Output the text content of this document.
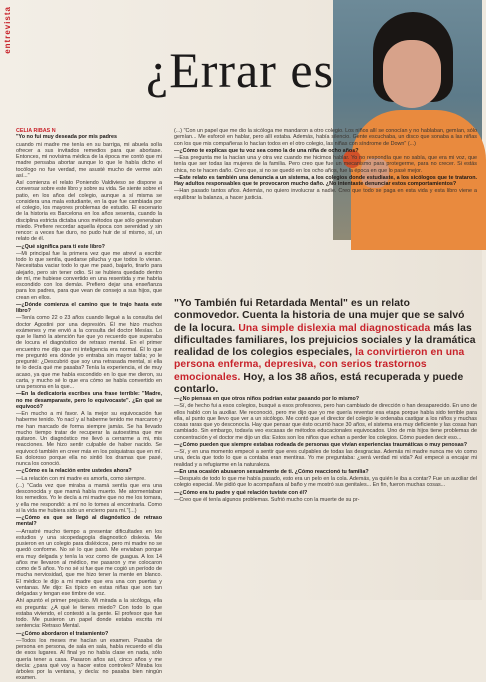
entrevista
¿Errar es
CELIA RIBAS N

"Yo no fui muy deseada por mis padres

cuando mi madre me tenía en su barriga, mi abuela solía ofrecer a sus invitados remedios para que abortase. Entonces, mi novísima médica de la época me contó que mi madre pensaba abortar aunque lo que le había dicho el tocólogo no fue verdad, me asusté mucho de verme aún así..."

Así comienza el relato Poniendo Valdivieso se dispone a conversar sobre este libro y sobre su vida. Se siente sobre el patio, en los años del colegio, aunque a sí misma se considera una mala estudiante, en la que fue cambiada por el colegio, los mayores problemas de estudio. El escenario de la historia es Barcelona en los años sesenta, cuando la disciplina estricta dictaba unos métodos que sólo generaban miedo. Prefiere recordar aquella época con serenidad y sin rencor: a veces fue duro, no pudo huir de sí mismo, sí, un relato de él.

—¿Qué significa para ti este libro?

—Mi principal fue la primera vez que me atreví a escribir todo lo que sentía, quedarse pilucha y que todos lo vieran. Necesitaba vaciar todo lo que me pasó, bajarlo, tirarlo para alejarlo, pero sin tener odio. Sí se hubiera quedado dentro de mí, me hubiese convertido en una resentida y me habría escondido con los demás. Prefiero dejar una enseñanza para los padres, para que vean de consejo a sus hijos, que crean en ellos.

—¿Dónde comienza el camino que te trajo hasta este libro?

—Tenía como 22 o 23 años cuando llegué a la consulta del doctor Agostini por una depresión. Él me hizo muchos exámenes y me envió a la consulta del doctor Mesías. Lo que le llamó la atención fue que yo recuerdo que superaba de locura el diagnóstico de retraso mental. En el primer encuentro me dijo que mi inteligencia era normal. Él lo que me preguntó era dónde yo entraba sin mayor tabla; yo le pregunté: ¿Descubrió que soy una retrasada mental, si ella te lo decía qué me pasaba? Tenía la experiencia, el de muy acaso, ya que me había escondido en lo que me dieron, su carta, y mucho sé lo que era cómo se había convertido en una persona en la que...

—En la dedicatoria escribes una frase terrible: "Madre, no me desamparaste, pero lo equivocaste". ¿En qué se equivocó?

—En mucho a mi favor. A la mejor su equivocación fue haberme tenido. Yo nací y al haberme tenido me marcaron y me han marcado de forma siempre jamás. Se ha llevado mucho tiempo tratar de recuperar la autoestima que me quitaron. Un diagnóstico me llevó a cerrarme a mi, mis reacciones. Me hizo sentir culpable de haber nacido. Se equivocó también en creer más en los psiquiatras que en mí. Es doloroso porque ella no sintió los dramas que pasé, nunca los conoció.

—¿Cómo es la relación entre ustedes ahora?

—La relación con mi madre es amorfa, como siempre.

(...) "Cada vez que miraba a mamá sentía que era una desconocida y que mamá había muerto. Me atormentaban los remedios. Yo le decía a mi madre que no me los tomara, y ella me respondió: a mí no lo tomes al encontrarla. Como si la vida me hubiera sido un encierro para mí."(...)

—¿Cómo es que se llegó al diagnóstico de retraso mental?

—Arrastré mucho tiempo a presentar dificultades en los estudios y una sicopedagogía diagnosticó dislexia. Me pusieron en un colegio para disléxicos, pero mi madre no se quedó conforme. No sé lo que pasó. Me enviaban porque era muy delgada y tenía la voz como de guagua. A los 14 años me llevaron al médico, me pasaron y me colocaron como de 5 años. Yo no sé si fue que me cogió un período de mucha nerviosidad, que me hizo tener la mente en blanco. El médico le dijo a mi madre que era una con puertas y ventanas. Me dijo: Es típico en estas niñas que son tan delgadas y tengan ese timbre de voz.

Ahí apuntó el primer prejuicio. Mi mirada a la sicóloga, ella es pregunta: ¿A qué le tienes miedo? Con todo lo que estaba viviendo, el contestó a la gente. El profesor que fue todo. Me pusieron un papel donde estaba escrita mi sentencia: Retraso Mental.

—¿Cómo abordaron el tratamiento?

—Todos los meses me hacían un examen. Pasaba de persona en persona, de sala en sala, había recuerdo el día de esos lugares. Al final yo no había clase en nada, sólo quería tener a casa. Pasaron años así, cinco años y me decía: ¿para qué voy a hacer estos controles? Miraba los árboles por la ventana, y decía: no pasaba bien ningún examen.

(...) "Con un papel que me dio la sicóloga me mandaron a otro colegio. Los niños allí se conocían y no hablaban, gemían, sólo gemían... Me esforcé en hablar, pero allí estaba. Además, había silencio. Gente escuchaba, un disco que sonaba a las niñas con los que mis compañeras lo hacían todos en el otro colegio, las niñas con síndrome de Down" (...)

—¿Cómo te explicas que tu voz sea como la de una niña de ocho años?

—Esa pregunta me la hacían una y otra vez cuando me hicimos hablar. Yo no respondía que no sabía, que era mi voz, que tenía que ser todas las mujeres de la familia. Pero creo que fue un mecanismo para protegerme, para no crecer. Si estás chica, no te hacen daño. Creo que, si no se quedó en los ocho años, fue la época en que lo pasé mejor.

—Este relato es también una denuncia a un sistema, a los colegios donde estudiaste, a los sicólogos que te trataron. Hay adultos responsables que te provocaron mucho daño. ¿No intentaste denunciar estos comportamientos?

—Han pasado tantos años. Además, no quiero involucrar a nadie. Creo que todo se paga en esta vida y esta libro viene a equilibrar la balanza, a hacer justicia.

"Yo También fui Retardada Mental" es un relato conmovedor. Cuenta la historia de una mujer que se salvó de la locura. Una simple dislexia mal diagnosticada más las dificultades familiares, los prejuicios sociales y la dramática realidad de los colegios especiales, la convirtieron en una persona enferma, depresiva, con serios trastornos emocionales. Hoy, a los 38 años, está recuperada y puede contarlo.

—¿No piensas en que otros niños podrían estar pasando por lo mismo?

—Sí, de hecho fui a esos colegios, busqué a esos profesores, pero han cambiado de dirección o han desaparecido. En uno de ellos habló con la auxiliar. Me reconoció, pero me dijo que yo me quería reventar esa etapa porque había sido terrible para ella, al punto que llevo que ver a un sicólogo. Me contó que el director del colegio le ordenaba castigar a los niños y muchas cosas raras que yo desconocía. Hay que pensar que ésto ocurrió hace 30 años, el sistema era muy deficiente y las cosas han cambiado. Sin embargo, todavía veo escasas de métodos educacionales equivocados. Uno de mis hijos tiene problemas de concentración y el doctor me dijo un día: Estos son los niños que echan a perder los colegios. Cómo pueden decir eso...

—¿Cómo pueden que siempre estabas rodeada de personas que vivían experiencias traumáticas o muy penosas?

—Sí, y en una momento empecé a sentir que eres culpables de todas las desgracias. Además mi madre nunca me vio como una, decía que todo lo que a contaba eran mentiras. Yo me preguntaba: ¿será verdad mi vida? Así empecé a encajar mi realidad y a refugiarme en la naturaleza.

—En una ocasión abusaron sexualmente de ti. ¿Cómo reaccionó tu familia?

—Después de todo lo que me había pasado, esto era un pelo en la cola. Además, ya quién le iba a contar? Fue un auxiliar del colegio especial. Me pidió que lo acompañara al baño y me mostró sus genitales... En fin, fueron muchas cosas...

—¿Cómo era tu padre y qué relación tuviste con él?

—Creo que él tenía algunos problemas. Sufrió mucho con la muerte de su pr-
